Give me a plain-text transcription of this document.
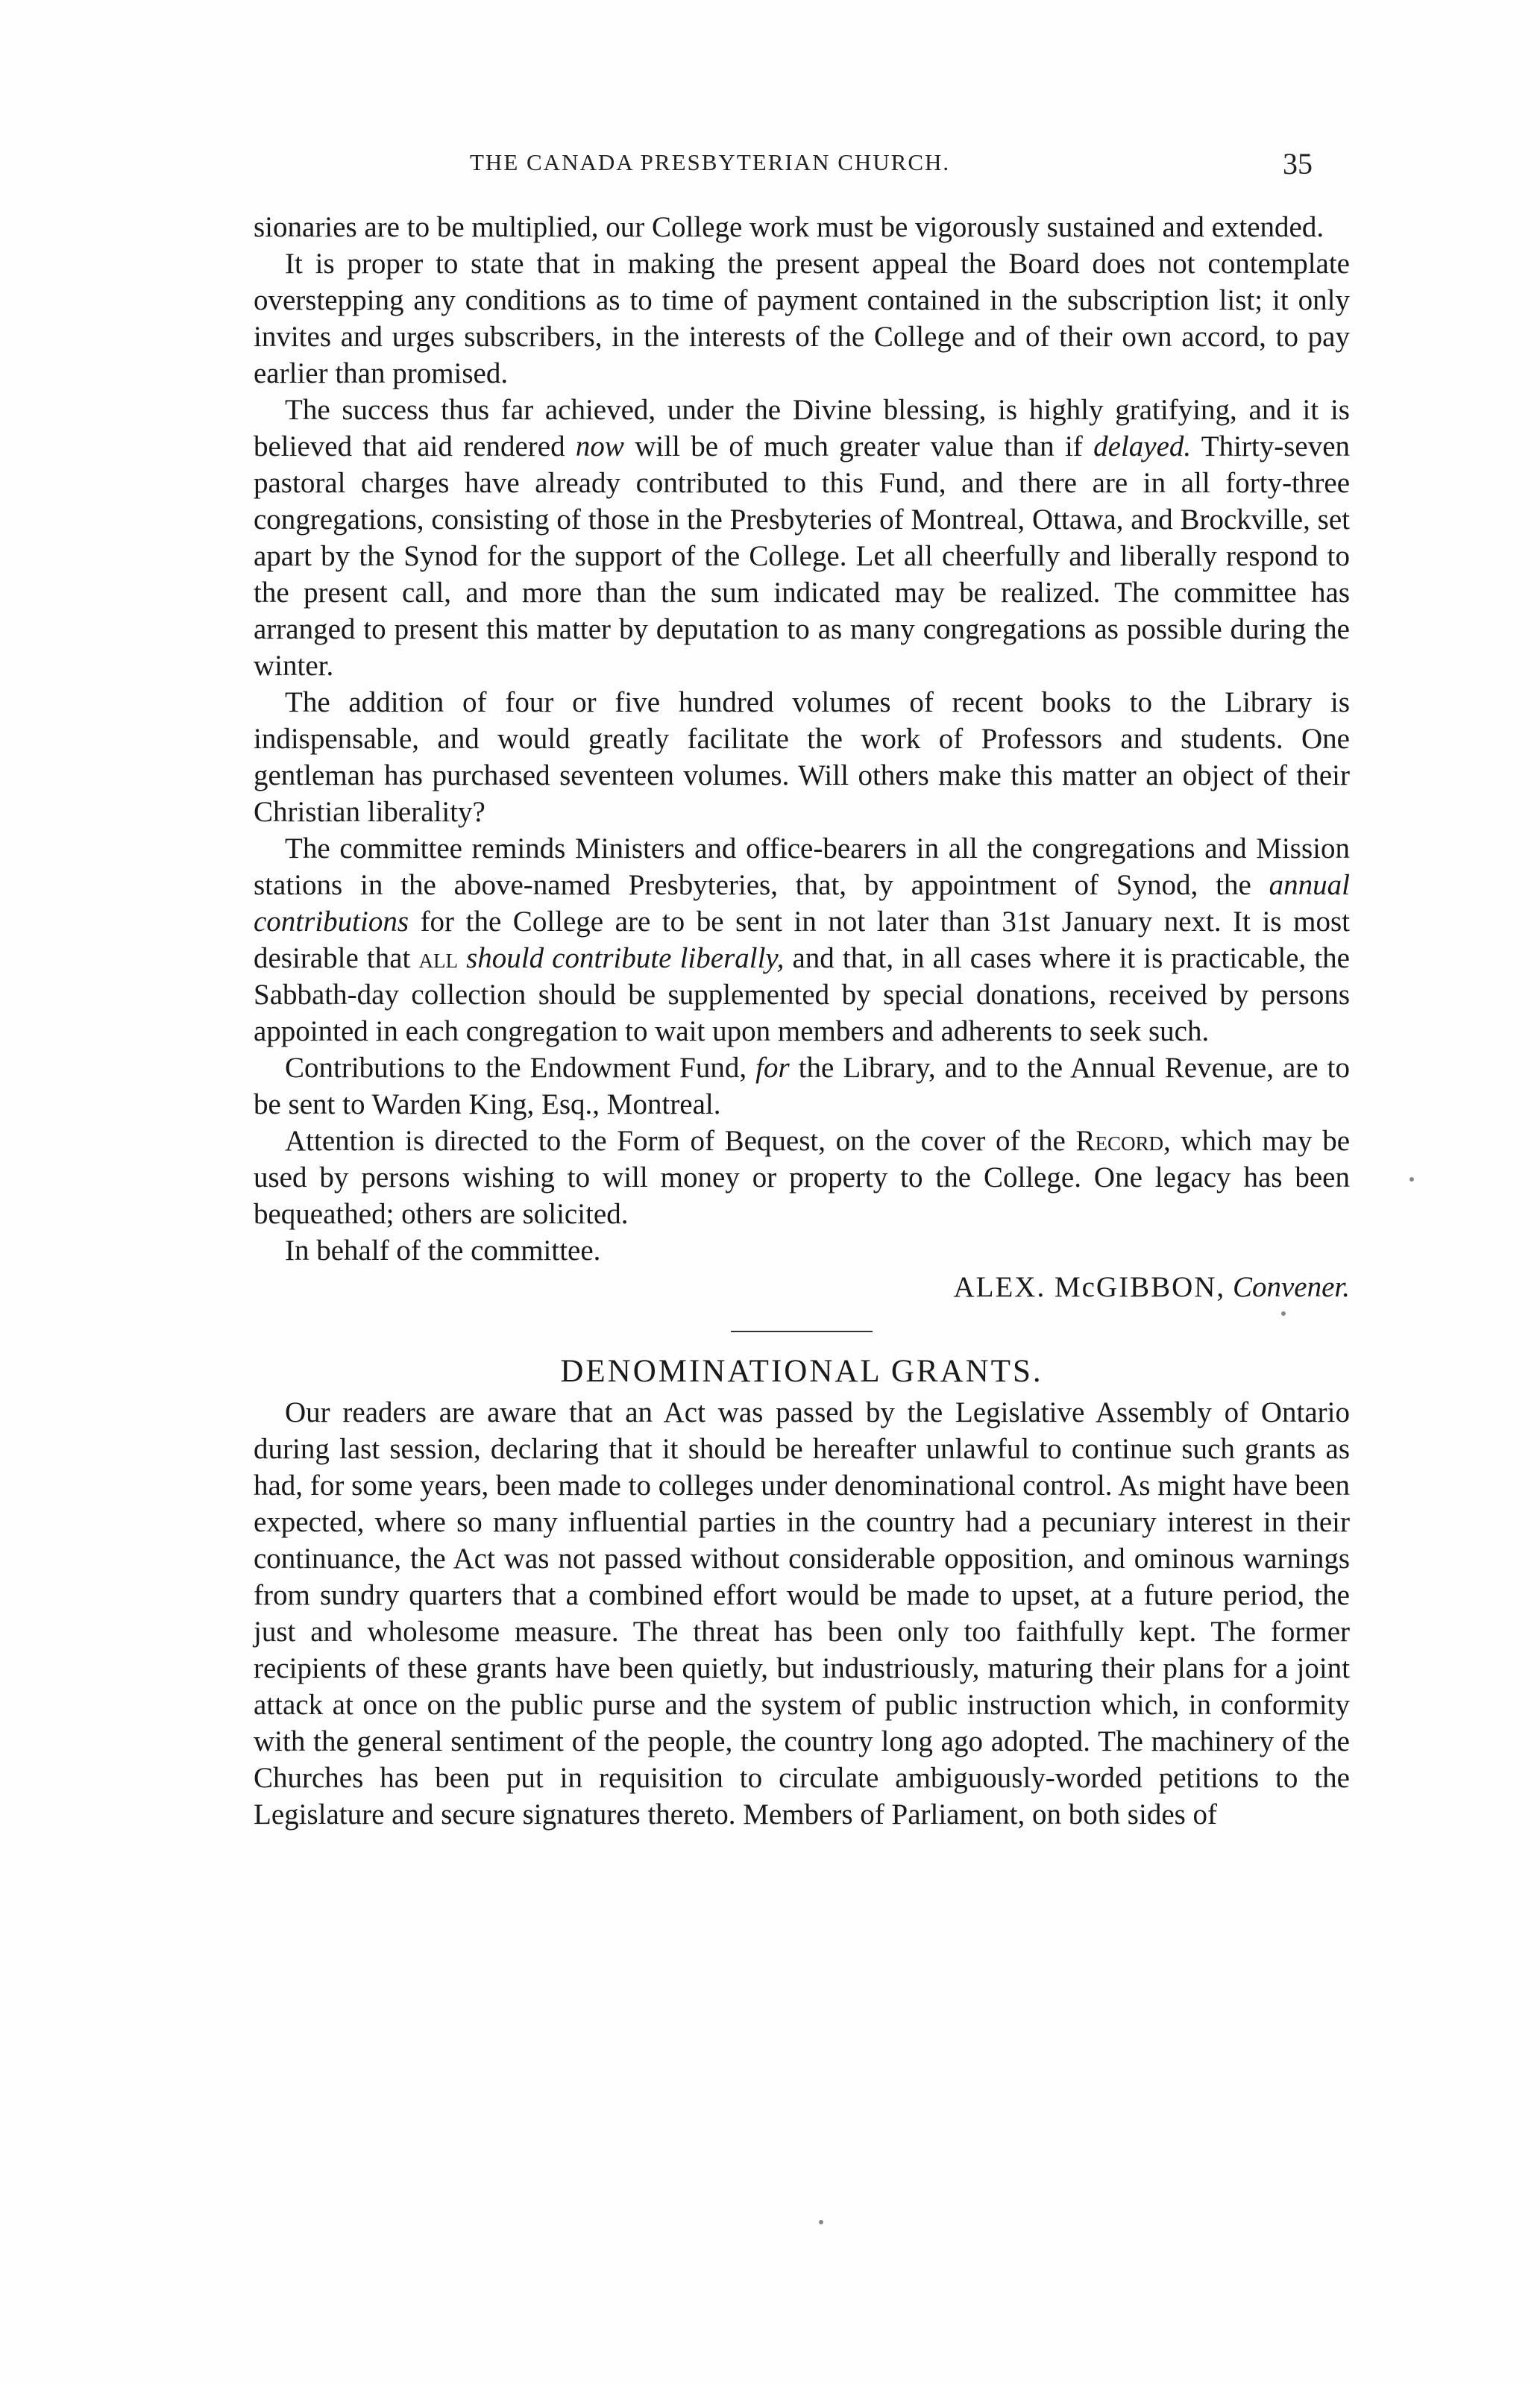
THE CANADA PRESBYTERIAN CHURCH.	35

sionaries are to be multiplied, our College work must be vigorously sustained and extended.

It is proper to state that in making the present appeal the Board does not contemplate overstepping any conditions as to time of payment contained in the subscription list; it only invites and urges subscribers, in the interests of the College and of their own accord, to pay earlier than promised.

The success thus far achieved, under the Divine blessing, is highly gratifying, and it is believed that aid rendered now will be of much greater value than if delayed. Thirty-seven pastoral charges have already contributed to this Fund, and there are in all forty-three congregations, consisting of those in the Presbyteries of Montreal, Ottawa, and Brockville, set apart by the Synod for the support of the College. Let all cheerfully and liberally respond to the present call, and more than the sum indicated may be realized. The committee has arranged to present this matter by deputation to as many congregations as possible during the winter.

The addition of four or five hundred volumes of recent books to the Library is indispensable, and would greatly facilitate the work of Professors and students. One gentleman has purchased seventeen volumes. Will others make this matter an object of their Christian liberality?

The committee reminds Ministers and office-bearers in all the congregations and Mission stations in the above-named Presbyteries, that, by appointment of Synod, the annual contributions for the College are to be sent in not later than 31st January next. It is most desirable that all should contribute liberally, and that, in all cases where it is practicable, the Sabbath-day collection should be supplemented by special donations, received by persons appointed in each congregation to wait upon members and adherents to seek such.

Contributions to the Endowment Fund, for the Library, and to the Annual Revenue, are to be sent to Warden King, Esq., Montreal.

Attention is directed to the Form of Bequest, on the cover of the Record, which may be used by persons wishing to will money or property to the College. One legacy has been bequeathed; others are solicited.

In behalf of the committee.

ALEX. McGIBBON, Convener.

DENOMINATIONAL GRANTS.

Our readers are aware that an Act was passed by the Legislative Assembly of Ontario during last session, declaring that it should be hereafter unlawful to continue such grants as had, for some years, been made to colleges under denominational control. As might have been expected, where so many influential parties in the country had a pecuniary interest in their continuance, the Act was not passed without considerable opposition, and ominous warnings from sundry quarters that a combined effort would be made to upset, at a future period, the just and wholesome measure. The threat has been only too faithfully kept. The former recipients of these grants have been quietly, but industriously, maturing their plans for a joint attack at once on the public purse and the system of public instruction which, in conformity with the general sentiment of the people, the country long ago adopted. The machinery of the Churches has been put in requisition to circulate ambiguously-worded petitions to the Legislature and secure signatures thereto. Members of Parliament, on both sides of
